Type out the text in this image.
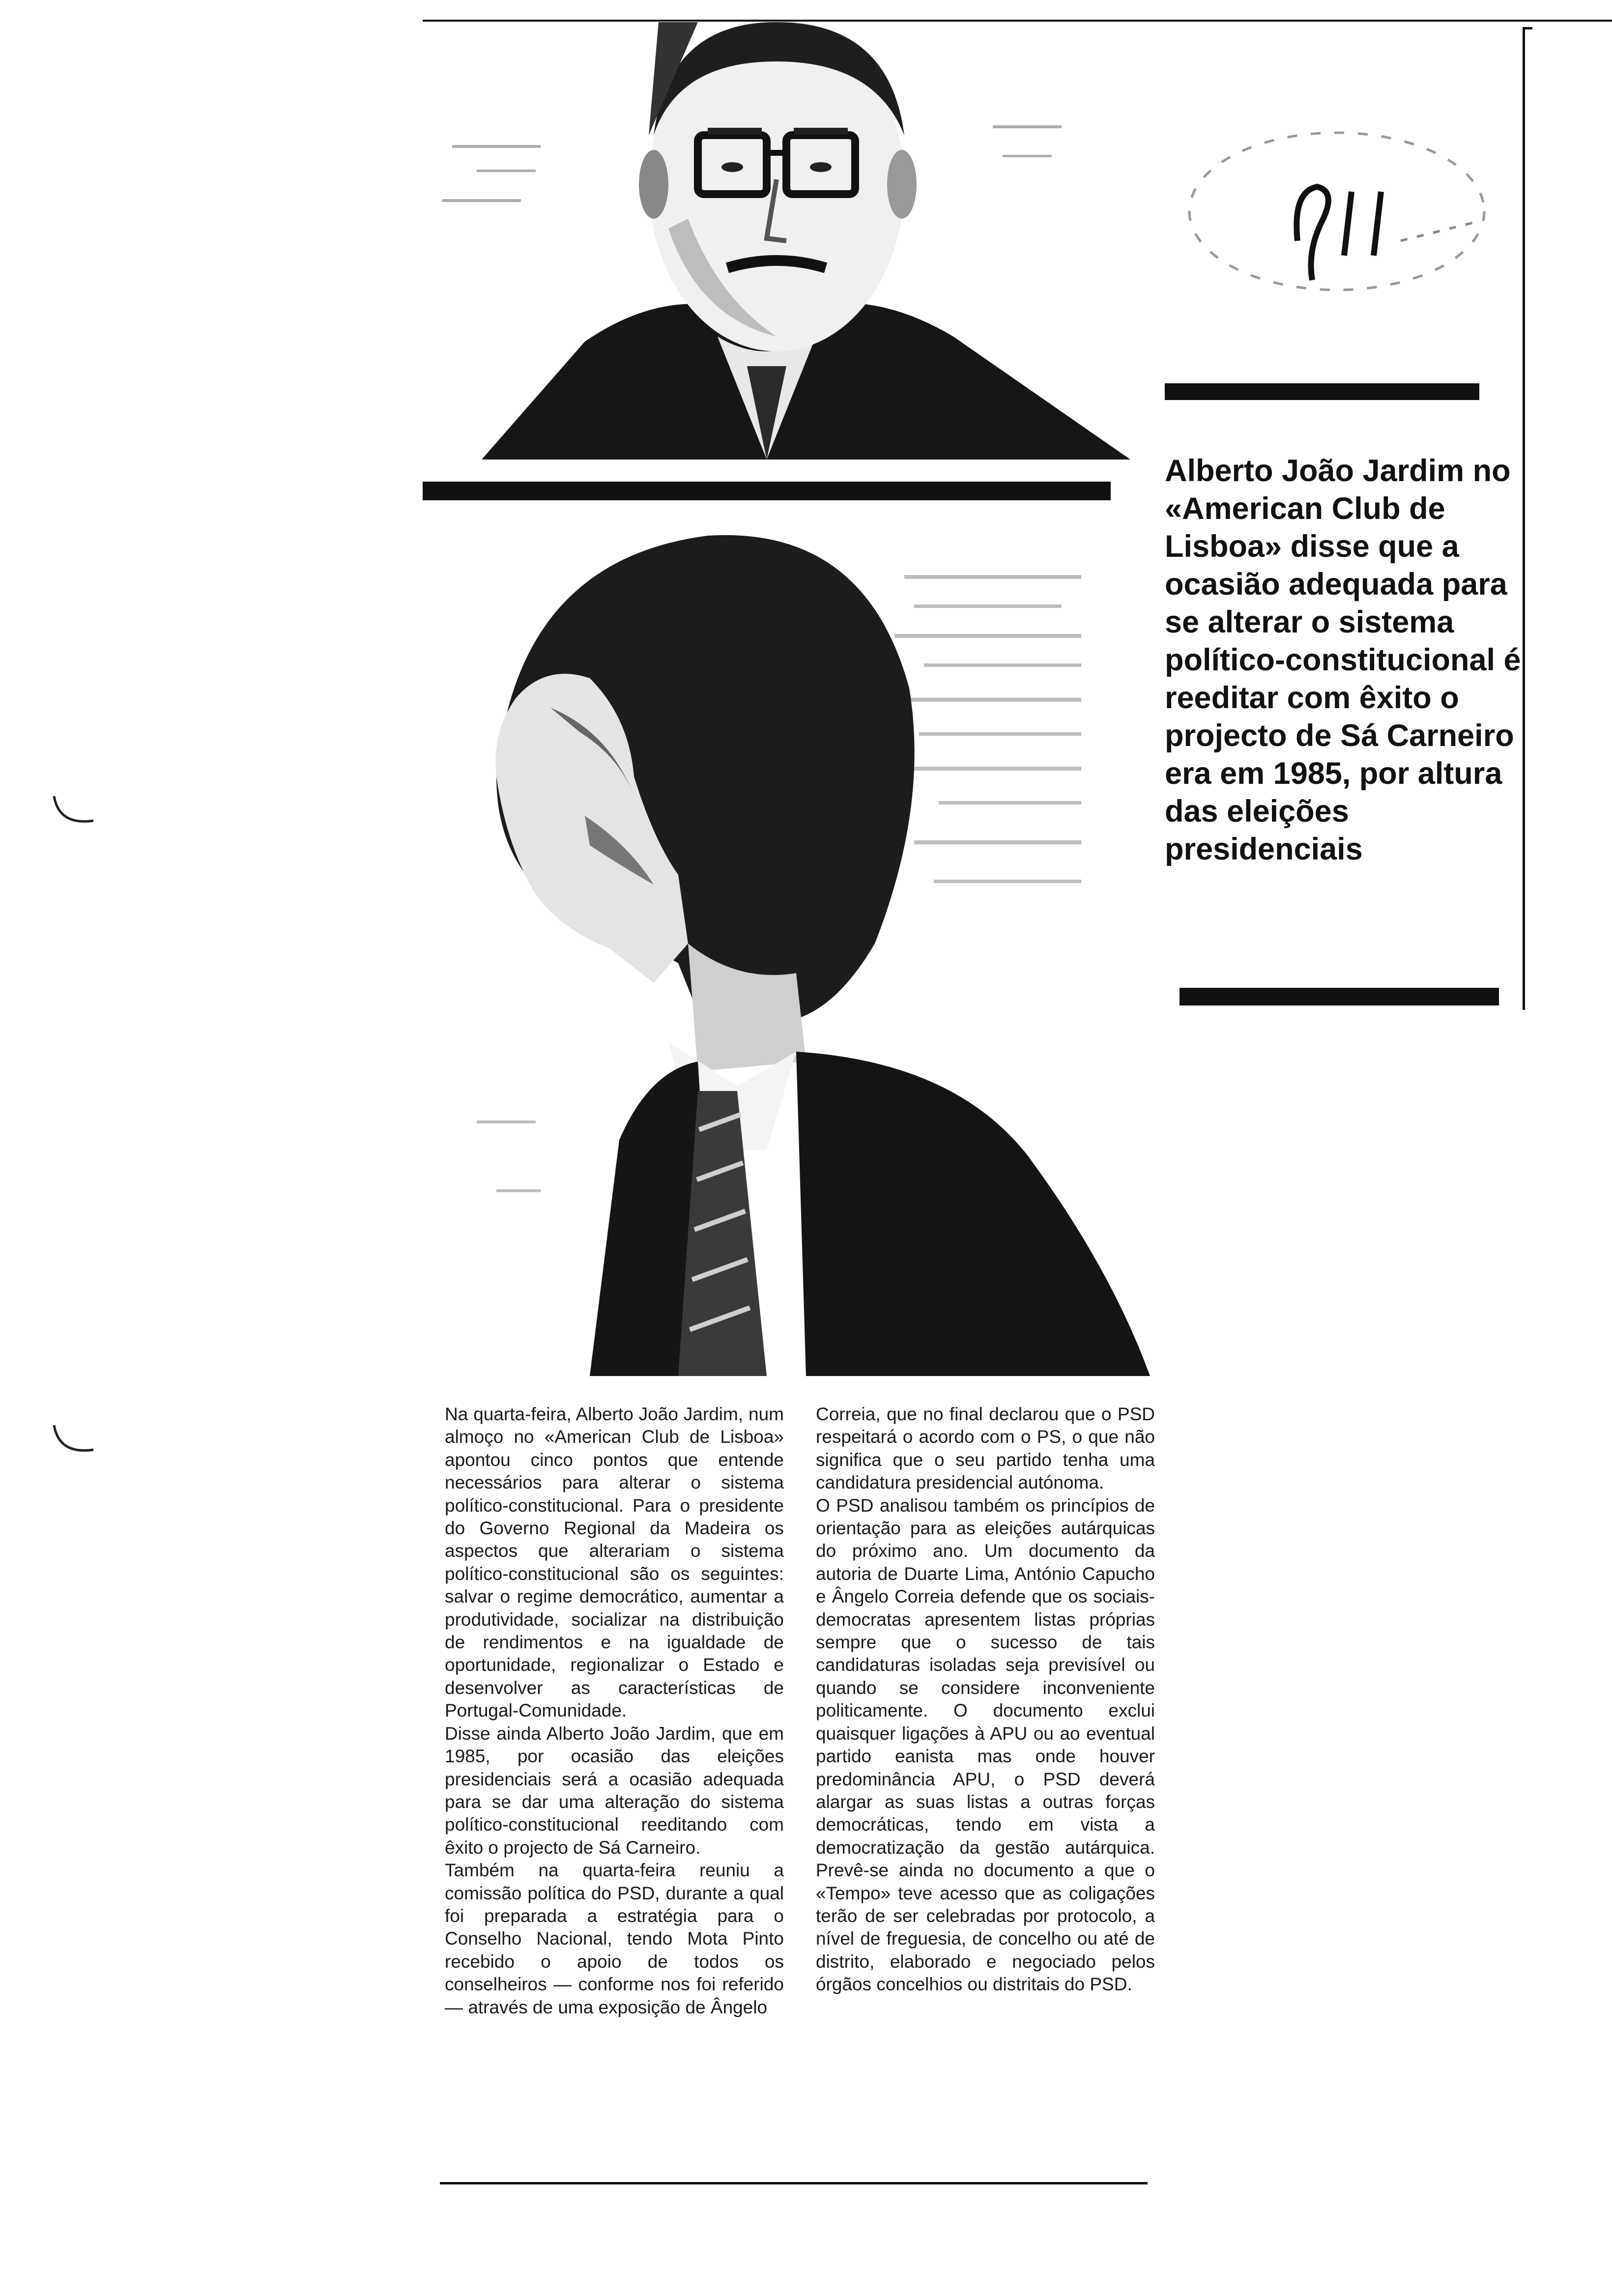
Alberto João Jardim no «American Club de Lisboa» disse que a ocasião adequada para se alterar o sistema político-constitucional é reeditar com êxito o projecto de Sá Carneiro era em 1985, por altura das eleições presidenciais

Na quarta-feira, Alberto João Jardim, num almoço no «American Club de Lisboa» apontou cinco pontos que entende necessários para alterar o sistema político-constitucional. Para o presidente do Governo Regional da Madeira os aspectos que alterariam o sistema político-constitucional são os seguintes: salvar o regime democrático, aumentar a produtividade, socializar na distribuição de rendimentos e na igualdade de oportunidade, regionalizar o Estado e desenvolver as características de Portugal-Comunidade.

Disse ainda Alberto João Jardim, que em 1985, por ocasião das eleições presidenciais será a ocasião adequada para se dar uma alteração do sistema político-constitucional reeditando com êxito o projecto de Sá Carneiro.

Também na quarta-feira reuniu a comissão política do PSD, durante a qual foi preparada a estratégia para o Conselho Nacional, tendo Mota Pinto recebido o apoio de todos os conselheiros — conforme nos foi referido — através de uma exposição de Ângelo

Correia, que no final declarou que o PSD respeitará o acordo com o PS, o que não significa que o seu partido tenha uma candidatura presidencial autónoma.

O PSD analisou também os princípios de orientação para as eleições autárquicas do próximo ano. Um documento da autoria de Duarte Lima, António Capucho e Ângelo Correia defende que os sociais-democratas apresentem listas próprias sempre que o sucesso de tais candidaturas isoladas seja previsível ou quando se considere inconveniente politicamente. O documento exclui quaisquer ligações à APU ou ao eventual partido eanista mas onde houver predominância APU, o PSD deverá alargar as suas listas a outras forças democráticas, tendo em vista a democratização da gestão autárquica. Prevê-se ainda no documento a que o «Tempo» teve acesso que as coligações terão de ser celebradas por protocolo, a nível de freguesia, de concelho ou até de distrito, elaborado e negociado pelos órgãos concelhios ou distritais do PSD.
